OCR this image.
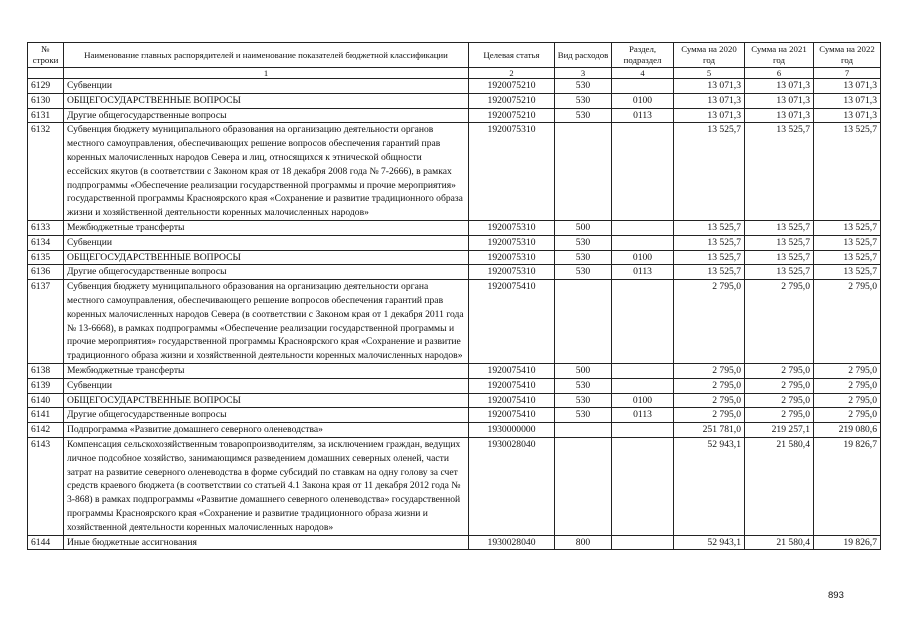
№ строки	Наименование главных распорядителей и наименование показателей бюджетной классификации	Целевая статья	Вид расходов	Раздел, подраздел	Сумма на 2020 год	Сумма на 2021 год	Сумма на 2022 год
	1	2	3	4	5	6	7
6129	Субвенции	1920075210	530		13 071,3	13 071,3	13 071,3
6130	ОБЩЕГОСУДАРСТВЕННЫЕ ВОПРОСЫ	1920075210	530	0100	13 071,3	13 071,3	13 071,3
6131	Другие общегосударственные вопросы	1920075210	530	0113	13 071,3	13 071,3	13 071,3
6132	Субвенция бюджету муниципального образования на организацию деятельности органов местного самоуправления, обеспечивающих решение вопросов обеспечения гарантий прав коренных малочисленных народов Севера и лиц, относящихся к этнической общности ессейских якутов (в соответствии с Законом края от 18 декабря 2008 года № 7-2666), в рамках подпрограммы «Обеспечение реализации государственной программы и прочие мероприятия» государственной программы Красноярского края «Сохранение и развитие традиционного образа жизни и хозяйственной деятельности коренных малочисленных народов»	1920075310			13 525,7	13 525,7	13 525,7
6133	Межбюджетные трансферты	1920075310	500		13 525,7	13 525,7	13 525,7
6134	Субвенции	1920075310	530		13 525,7	13 525,7	13 525,7
6135	ОБЩЕГОСУДАРСТВЕННЫЕ ВОПРОСЫ	1920075310	530	0100	13 525,7	13 525,7	13 525,7
6136	Другие общегосударственные вопросы	1920075310	530	0113	13 525,7	13 525,7	13 525,7
6137	Субвенция бюджету муниципального образования на организацию деятельности органа местного самоуправления, обеспечивающего решение вопросов обеспечения гарантий прав коренных малочисленных народов Севера (в соответствии с Законом края от 1 декабря 2011 года № 13-6668), в рамках подпрограммы «Обеспечение реализации государственной программы и прочие мероприятия» государственной программы Красноярского края «Сохранение и развитие традиционного образа жизни и хозяйственной деятельности коренных малочисленных народов»	1920075410			2 795,0	2 795,0	2 795,0
6138	Межбюджетные трансферты	1920075410	500		2 795,0	2 795,0	2 795,0
6139	Субвенции	1920075410	530		2 795,0	2 795,0	2 795,0
6140	ОБЩЕГОСУДАРСТВЕННЫЕ ВОПРОСЫ	1920075410	530	0100	2 795,0	2 795,0	2 795,0
6141	Другие общегосударственные вопросы	1920075410	530	0113	2 795,0	2 795,0	2 795,0
6142	Подпрограмма «Развитие домашнего северного оленеводства»	1930000000			251 781,0	219 257,1	219 080,6
6143	Компенсация сельскохозяйственным товаропроизводителям, за исключением граждан, ведущих личное подсобное хозяйство, занимающимся разведением домашних северных оленей, части затрат на развитие северного оленеводства в форме субсидий по ставкам на одну голову за счет средств краевого бюджета (в соответствии со статьей 4.1 Закона края от 11 декабря 2012 года № 3-868) в рамках подпрограммы «Развитие домашнего северного оленеводства» государственной программы Красноярского края «Сохранение и развитие традиционного образа жизни и хозяйственной деятельности коренных малочисленных народов»	1930028040			52 943,1	21 580,4	19 826,7
6144	Иные бюджетные ассигнования	1930028040	800		52 943,1	21 580,4	19 826,7
893
